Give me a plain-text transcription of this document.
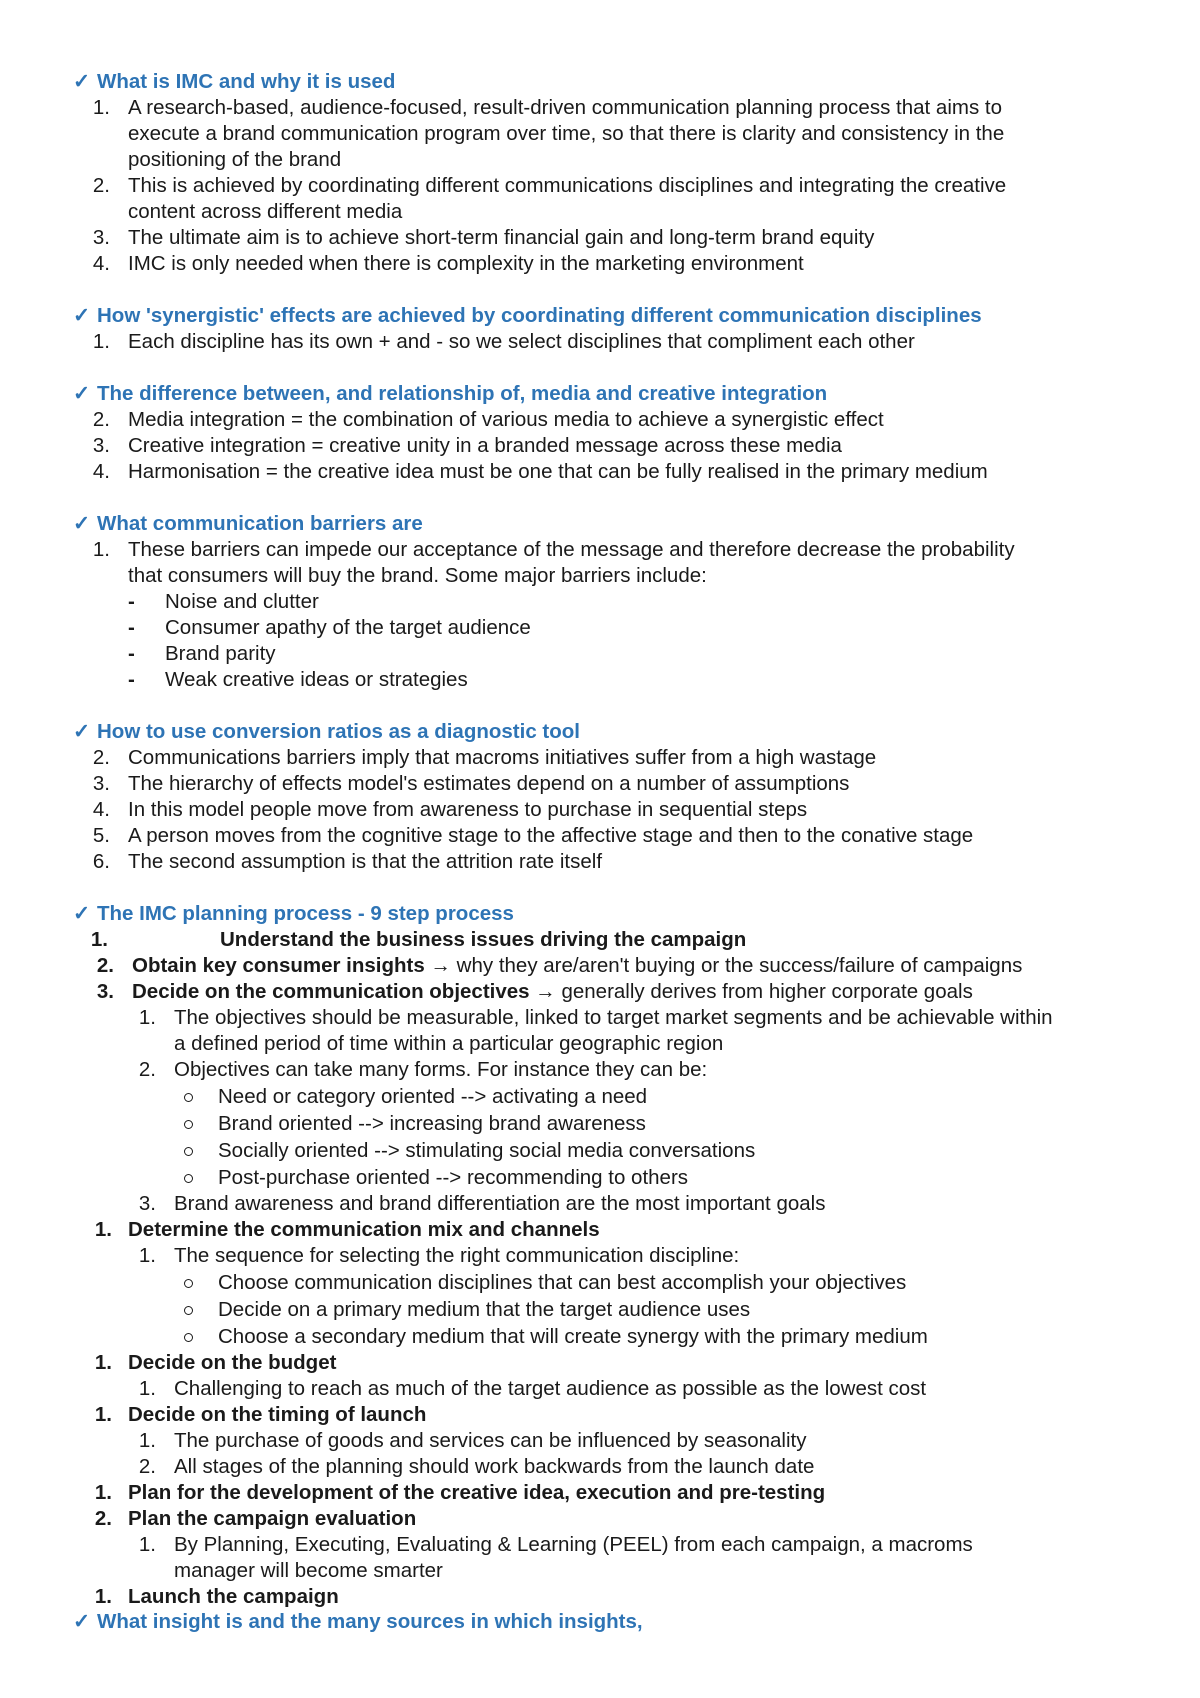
✓ What is IMC and why it is used
1. A research-based, audience-focused, result-driven communication planning process that aims to
execute a brand communication program over time, so that there is clarity and consistency in the
positioning of the brand
2. This is achieved by coordinating different communications disciplines and integrating the creative
content across different media
3. The ultimate aim is to achieve short-term financial gain and long-term brand equity
4. IMC is only needed when there is complexity in the marketing environment
✓ How 'synergistic' effects are achieved by coordinating different communication disciplines
1. Each discipline has its own + and - so we select disciplines that compliment each other
✓ The difference between, and relationship of, media and creative integration
2. Media integration = the combination of various media to achieve a synergistic effect
3. Creative integration = creative unity in a branded message across these media
4. Harmonisation = the creative idea must be one that can be fully realised in the primary medium
✓ What communication barriers are
1. These barriers can impede our acceptance of the message and therefore decrease the probability
that consumers will buy the brand. Some major barriers include:
- Noise and clutter
- Consumer apathy of the target audience
- Brand parity
- Weak creative ideas or strategies
✓ How to use conversion ratios as a diagnostic tool
2. Communications barriers imply that macroms initiatives suffer from a high wastage
3. The hierarchy of effects model's estimates depend on a number of assumptions
4. In this model people move from awareness to purchase in sequential steps
5. A person moves from the cognitive stage to the affective stage and then to the conative stage
6. The second assumption is that the attrition rate itself
✓ The IMC planning process - 9 step process
1.	Understand the business issues driving the campaign
2. Obtain key consumer insights → why they are/aren't buying or the success/failure of campaigns
3. Decide on the communication objectives → generally derives from higher corporate goals
1. The objectives should be measurable, linked to target market segments and be achievable within
a defined period of time within a particular geographic region
2. Objectives can take many forms. For instance they can be:
Need or category oriented --> activating a need
Brand oriented --> increasing brand awareness
Socially oriented --> stimulating social media conversations
Post-purchase oriented --> recommending to others
3. Brand awareness and brand differentiation are the most important goals
1. Determine the communication mix and channels
1. The sequence for selecting the right communication discipline:
Choose communication disciplines that can best accomplish your objectives
Decide on a primary medium that the target audience uses
Choose a secondary medium that will create synergy with the primary medium
1. Decide on the budget
1. Challenging to reach as much of the target audience as possible as the lowest cost
1. Decide on the timing of launch
1. The purchase of goods and services can be influenced by seasonality
2. All stages of the planning should work backwards from the launch date
1. Plan for the development of the creative idea, execution and pre-testing
2. Plan the campaign evaluation
1. By Planning, Executing, Evaluating & Learning (PEEL) from each campaign, a macroms
manager will become smarter
1. Launch the campaign
✓ What insight is and the many sources in which insights,
